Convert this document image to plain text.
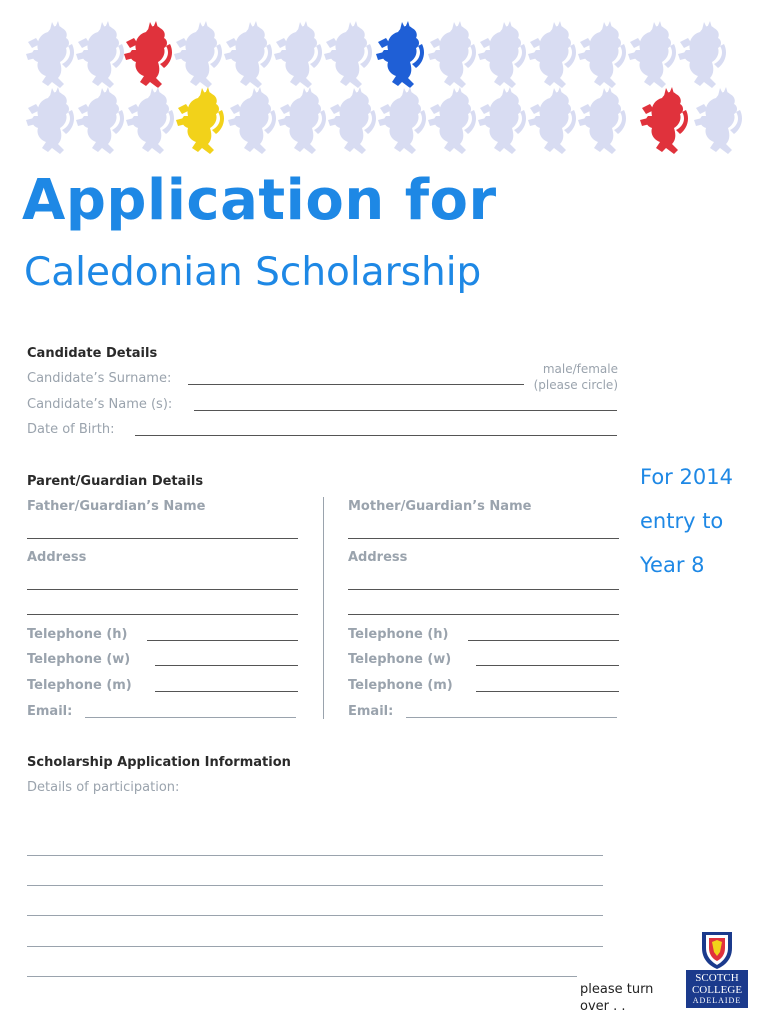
Application for
Caledonian Scholarship
Candidate Details
Candidate’s Surname:
male/female
(please circle)
Candidate’s Name (s):
Date of Birth:
Parent/Guardian Details
Father/Guardian’s Name
Address
Telephone (h)
Telephone (w)
Telephone (m)
Email:
Mother/Guardian’s Name
Address
Telephone (h)
Telephone (w)
Telephone (m)
Email:
For 2014
entry to
Year 8
Scholarship Application Information
Details of participation:
please turn
over . .
SCOTCH
COLLEGE
ADELAIDE
